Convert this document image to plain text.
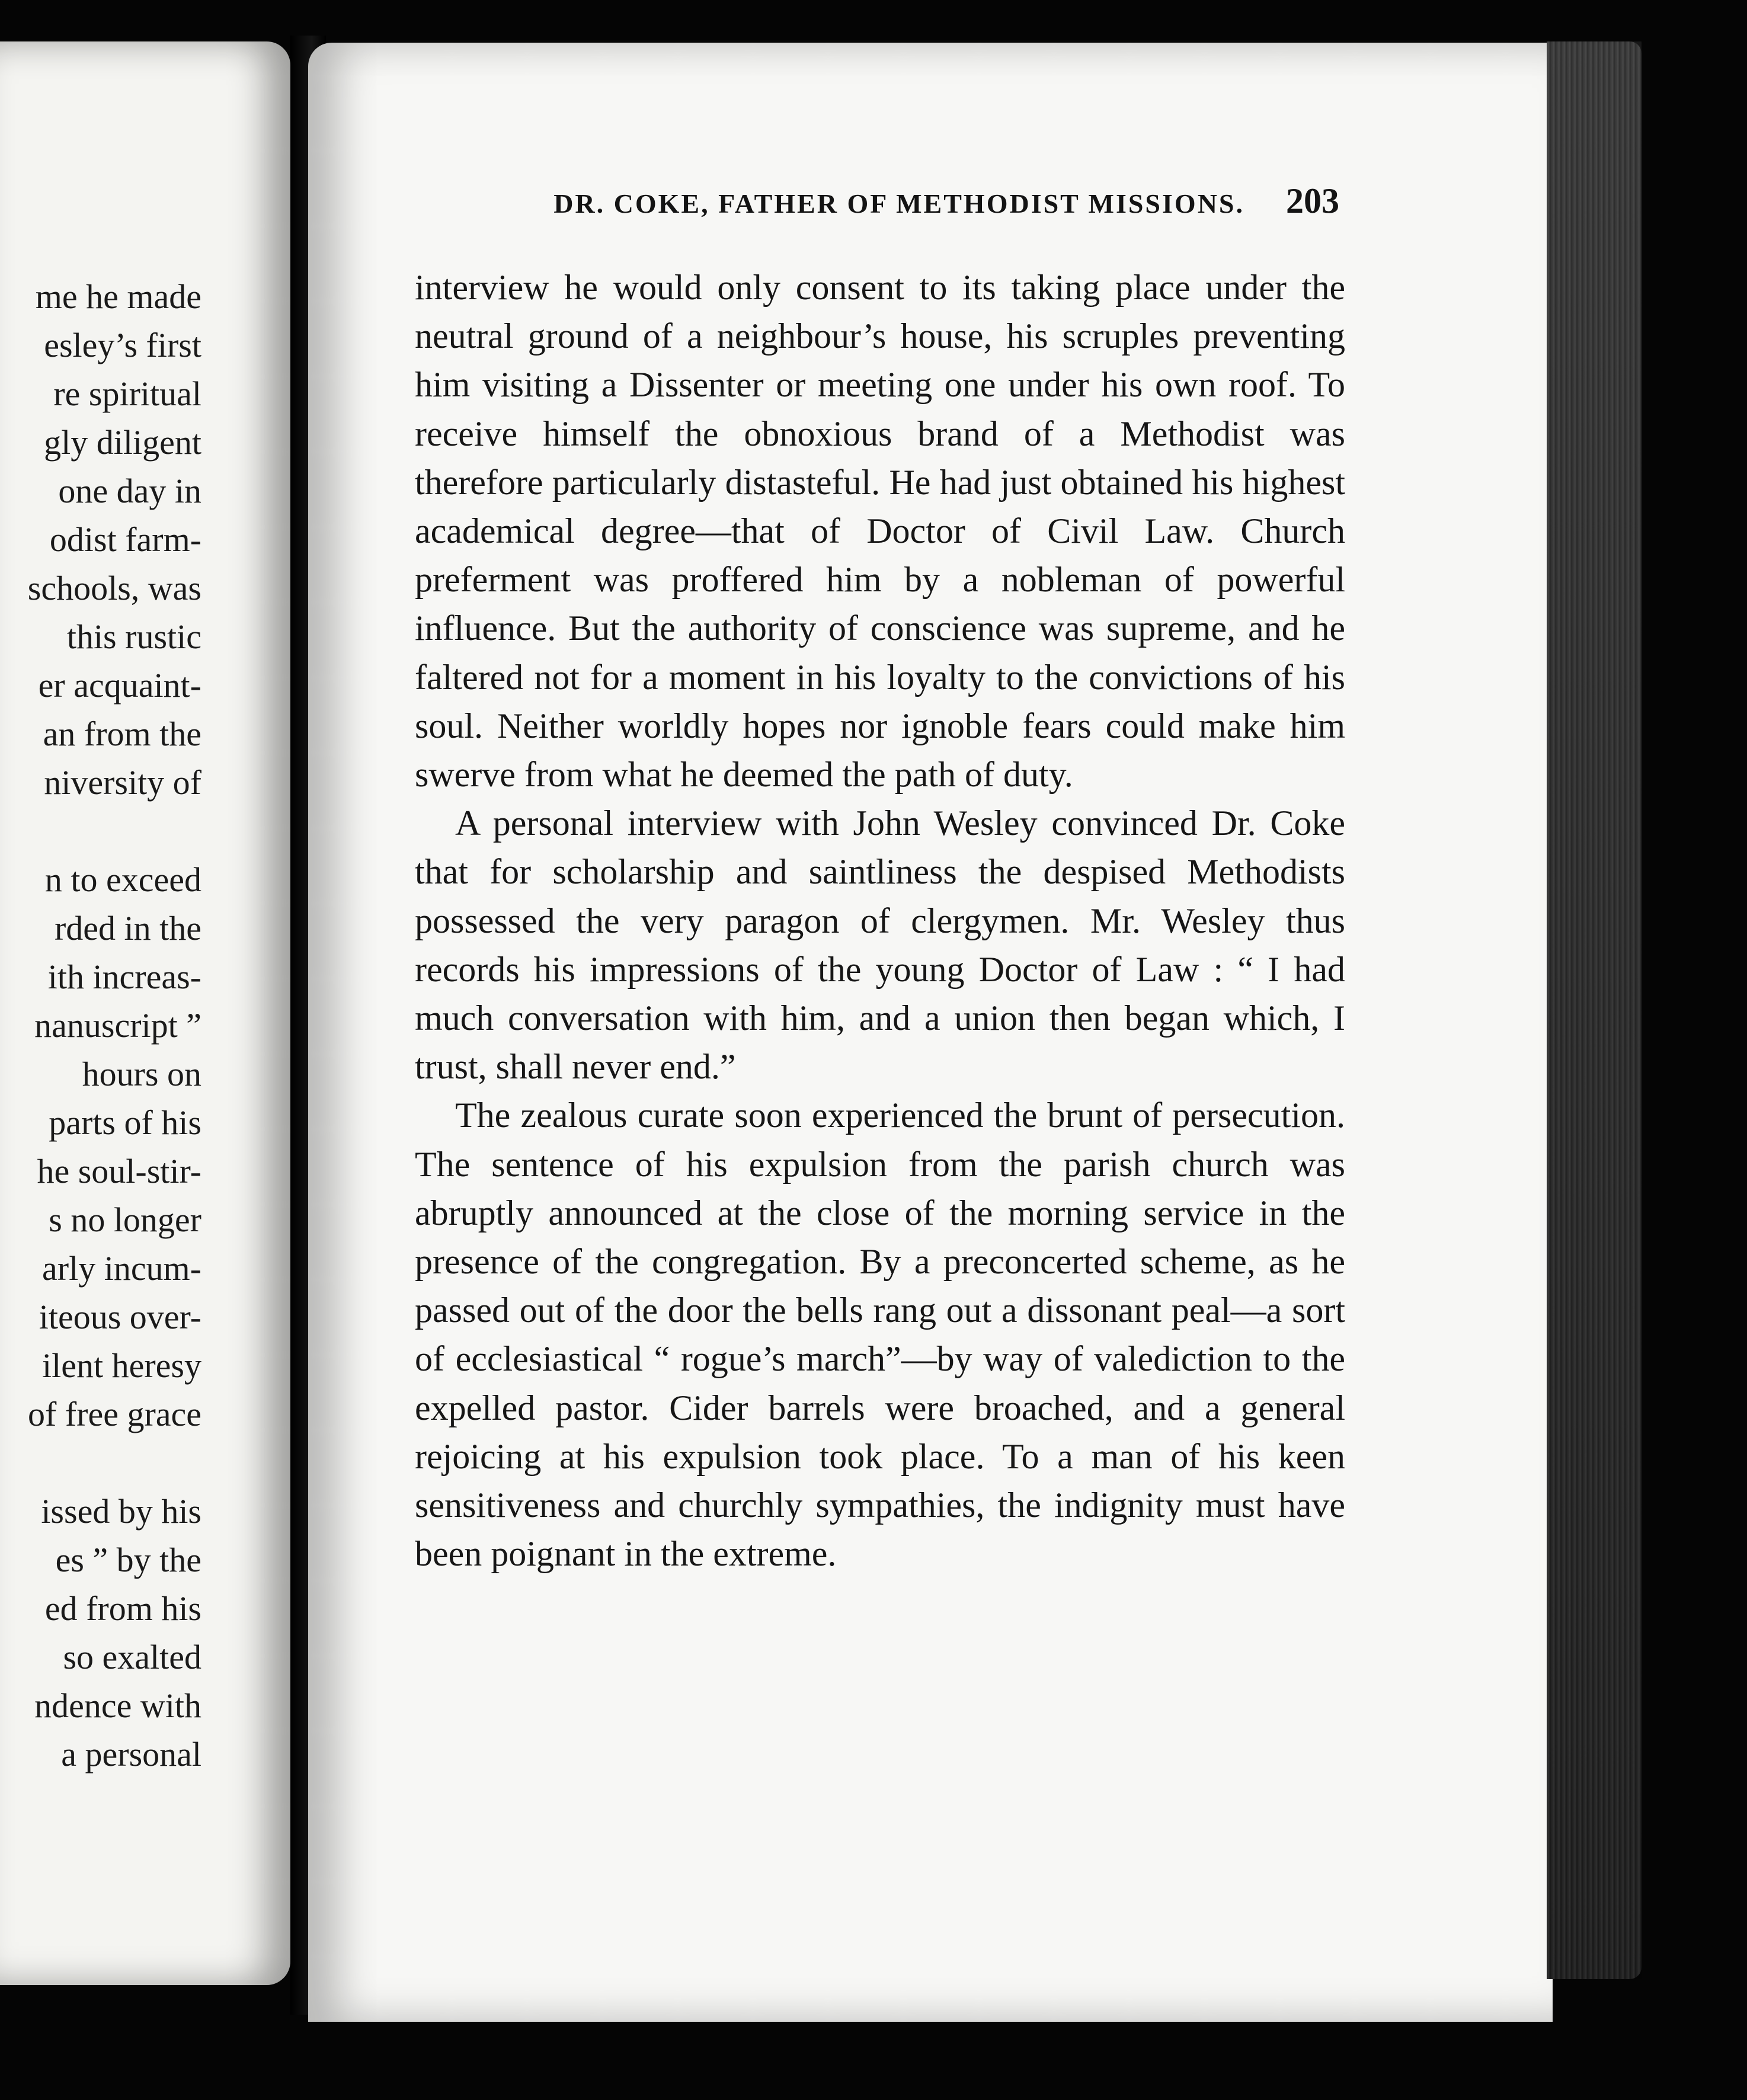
me he made
esley’s first
re spiritual
gly diligent
one day in
odist farm-
schools, was
this rustic
er acquaint-
an from the
niversity of
n to exceed
rded in the
ith increas-
nanuscript ”
hours on
parts of his
he soul-stir-
s no longer
arly incum-
iteous over-
ilent heresy
of free grace
issed by his
es ” by the
ed from his
so exalted
ndence with
a personal
DR. COKE, FATHER OF METHODIST MISSIONS. 203

interview he would only consent to its taking place under the neutral ground of a neighbour’s house, his scruples preventing him visiting a Dissenter or meeting one under his own roof. To receive himself the obnoxious brand of a Methodist was therefore particularly distasteful. He had just obtained his highest academical degree—that of Doctor of Civil Law. Church preferment was proffered him by a nobleman of powerful influence. But the authority of conscience was supreme, and he faltered not for a moment in his loyalty to the convictions of his soul. Neither worldly hopes nor ignoble fears could make him swerve from what he deemed the path of duty.

A personal interview with John Wesley convinced Dr. Coke that for scholarship and saintliness the despised Methodists possessed the very paragon of clergymen. Mr. Wesley thus records his impressions of the young Doctor of Law : “ I had much conversation with him, and a union then began which, I trust, shall never end.”

The zealous curate soon experienced the brunt of persecution. The sentence of his expulsion from the parish church was abruptly announced at the close of the morning service in the presence of the congregation. By a preconcerted scheme, as he passed out of the door the bells rang out a dissonant peal—a sort of ecclesiastical “ rogue’s march”—by way of valediction to the expelled pastor. Cider barrels were broached, and a general rejoicing at his expulsion took place. To a man of his keen sensitiveness and churchly sympathies, the indignity must have been poignant in the extreme.
